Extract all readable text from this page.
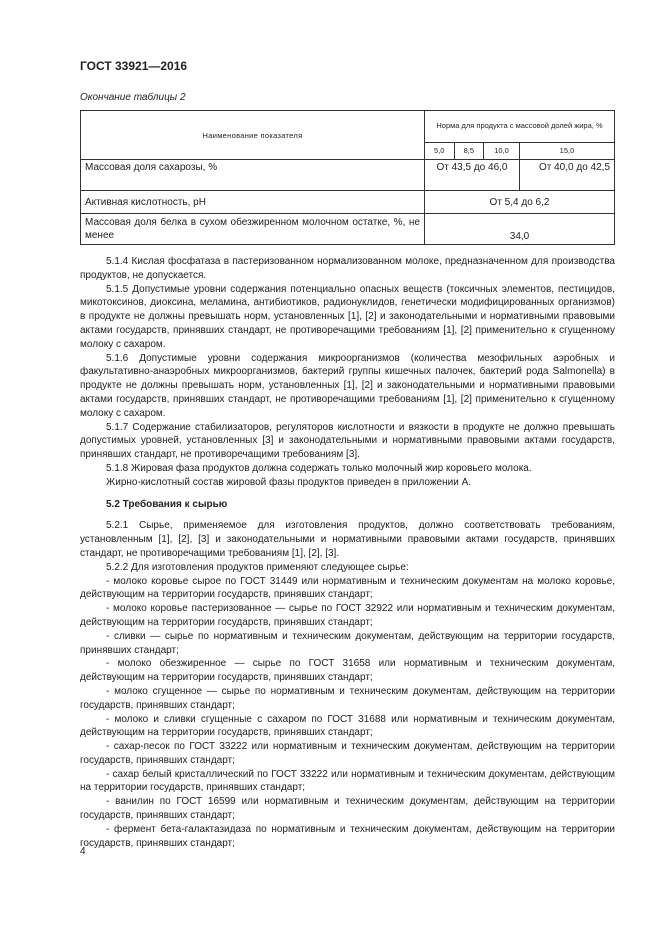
ГОСТ 33921—2016
Окончание таблицы 2
Наименование показателя	Норма для продукта с массовой долей жира, %			
	5,0	8,5	10,0	15,0
Массовая доля сахарозы, %	От 43,5 до 46,0			От 40,0 до 42,5
Активная кислотность, pH	От 5,4 до 6,2			
Массовая доля белка в сухом обезжиренном молочном остатке, %, не менее	34,0			

5.1.4 Кислая фосфатаза в пастеризованном нормализованном молоке, предназначенном для производства продуктов, не допускается.

5.1.5 Допустимые уровни содержания потенциально опасных веществ (токсичных элементов, пестицидов, микотоксинов, диоксина, меламина, антибиотиков, радионуклидов, генетически модифицированных организмов) в продукте не должны превышать норм, установленных [1], [2] и законодательными и нормативными правовыми актами государств, принявших стандарт, не противоречащими требованиям [1], [2] применительно к сгущенному молоку с сахаром.

5.1.6 Допустимые уровни содержания микроорганизмов (количества мезофильных аэробных и факультативно-анаэробных микроорганизмов, бактерий группы кишечных палочек, бактерий рода Salmonella) в продукте не должны превышать норм, установленных [1], [2] и законодательными и нормативными правовыми актами государств, принявших стандарт, не противоречащими требованиям [1], [2] применительно к сгущенному молоку с сахаром.

5.1.7 Содержание стабилизаторов, регуляторов кислотности и вязкости в продукте не должно превышать допустимых уровней, установленных [3] и законодательными и нормативными правовыми актами государств, принявших стандарт, не противоречащими требованиям [3].

5.1.8 Жировая фаза продуктов должна содержать только молочный жир коровьего молока.

Жирно-кислотный состав жировой фазы продуктов приведен в приложении А.

5.2 Требования к сырью

5.2.1 Сырье, применяемое для изготовления продуктов, должно соответствовать требованиям, установленным [1], [2], [3] и законодательными и нормативными правовыми актами государств, принявших стандарт, не противоречащими требованиям [1], [2], [3].

5.2.2 Для изготовления продуктов применяют следующее сырье:

- молоко коровье сырое по ГОСТ 31449 или нормативным и техническим документам на молоко коровье, действующим на территории государств, принявших стандарт;

- молоко коровье пастеризованное — сырье по ГОСТ 32922 или нормативным и техническим документам, действующим на территории государств, принявших стандарт;

- сливки — сырье по нормативным и техническим документам, действующим на территории государств, принявших стандарт;

- молоко обезжиренное — сырье по ГОСТ 31658 или нормативным и техническим документам, действующим на территории государств, принявших стандарт;

- молоко сгущенное — сырье по нормативным и техническим документам, действующим на территории государств, принявших стандарт;

- молоко и сливки сгущенные с сахаром по ГОСТ 31688 или нормативным и техническим документам, действующим на территории государств, принявших стандарт;

- сахар-песок по ГОСТ 33222 или нормативным и техническим документам, действующим на территории государств, принявших стандарт;

- сахар белый кристаллический по ГОСТ 33222 или нормативным и техническим документам, действующим на территории государств, принявших стандарт;

- ванилин по ГОСТ 16599 или нормативным и техническим документам, действующим на территории государств, принявших стандарт;

- фермент бета-галактазидаза по нормативным и техническим документам, действующим на территории государств, принявших стандарт;

4
